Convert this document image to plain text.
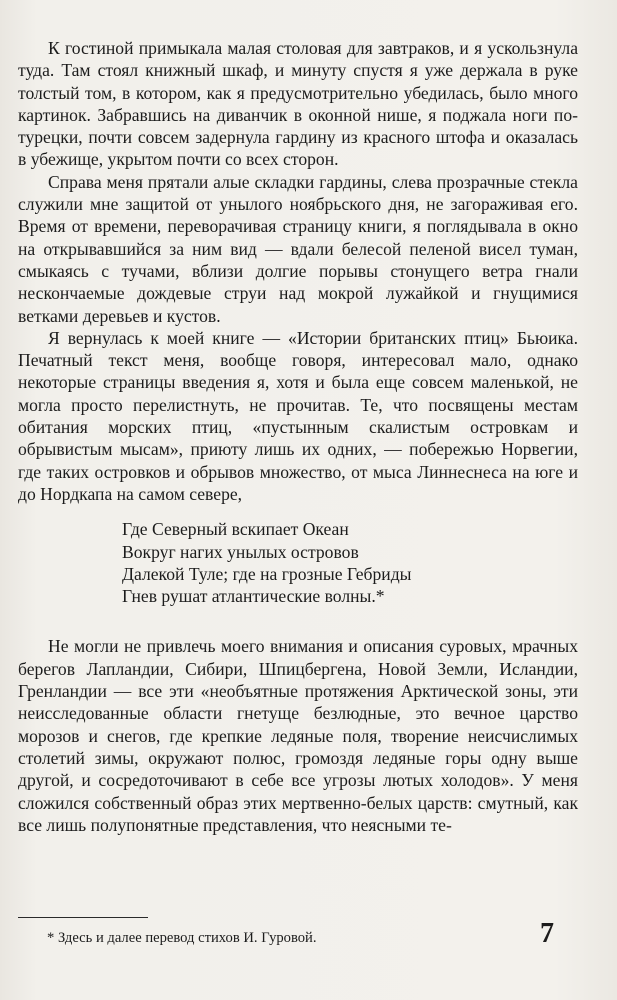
К гостиной примыкала малая столовая для завтраков, и я ускользнула туда. Там стоял книжный шкаф, и минуту спустя я уже держала в руке толстый том, в котором, как я предусмотрительно убедилась, было много картинок. Забравшись на диванчик в оконной нише, я поджала ноги по-турецки, почти совсем задернула гардину из красного штофа и оказалась в убежище, укрытом почти со всех сторон.

Справа меня прятали алые складки гардины, слева прозрачные стекла служили мне защитой от унылого ноябрьского дня, не загораживая его. Время от времени, переворачивая страницу книги, я поглядывала в окно на открывавшийся за ним вид — вдали белесой пеленой висел туман, смыкаясь с тучами, вблизи долгие порывы стонущего ветра гнали нескончаемые дождевые струи над мокрой лужайкой и гнущимися ветками деревьев и кустов.

Я вернулась к моей книге — «Истории британских птиц» Бьюика. Печатный текст меня, вообще говоря, интересовал мало, однако некоторые страницы введения я, хотя и была еще совсем маленькой, не могла просто перелистнуть, не прочитав. Те, что посвящены местам обитания морских птиц, «пустынным скалистым островкам и обрывистым мысам», приюту лишь их одних, — побережью Норвегии, где таких островков и обрывов множество, от мыса Линнеснеса на юге и до Нордкапа на самом севере,

Где Северный вскипает Океан
Вокруг нагих унылых островов
Далекой Туле; где на грозные Гебриды
Гнев рушат атлантические волны.*

Не могли не привлечь моего внимания и описания суровых, мрачных берегов Лапландии, Сибири, Шпицбергена, Новой Земли, Исландии, Гренландии — все эти «необъятные протяжения Арктической зоны, эти неисследованные области гнетуще безлюдные, это вечное царство морозов и снегов, где крепкие ледяные поля, творение неисчислимых столетий зимы, окружают полюс, громоздя ледяные горы одну выше другой, и сосредоточивают в себе все угрозы лютых холодов». У меня сложился собственный образ этих мертвенно-белых царств: смутный, как все лишь полупонятные представления, что неясными те-

* Здесь и далее перевод стихов И. Гуровой.	7
